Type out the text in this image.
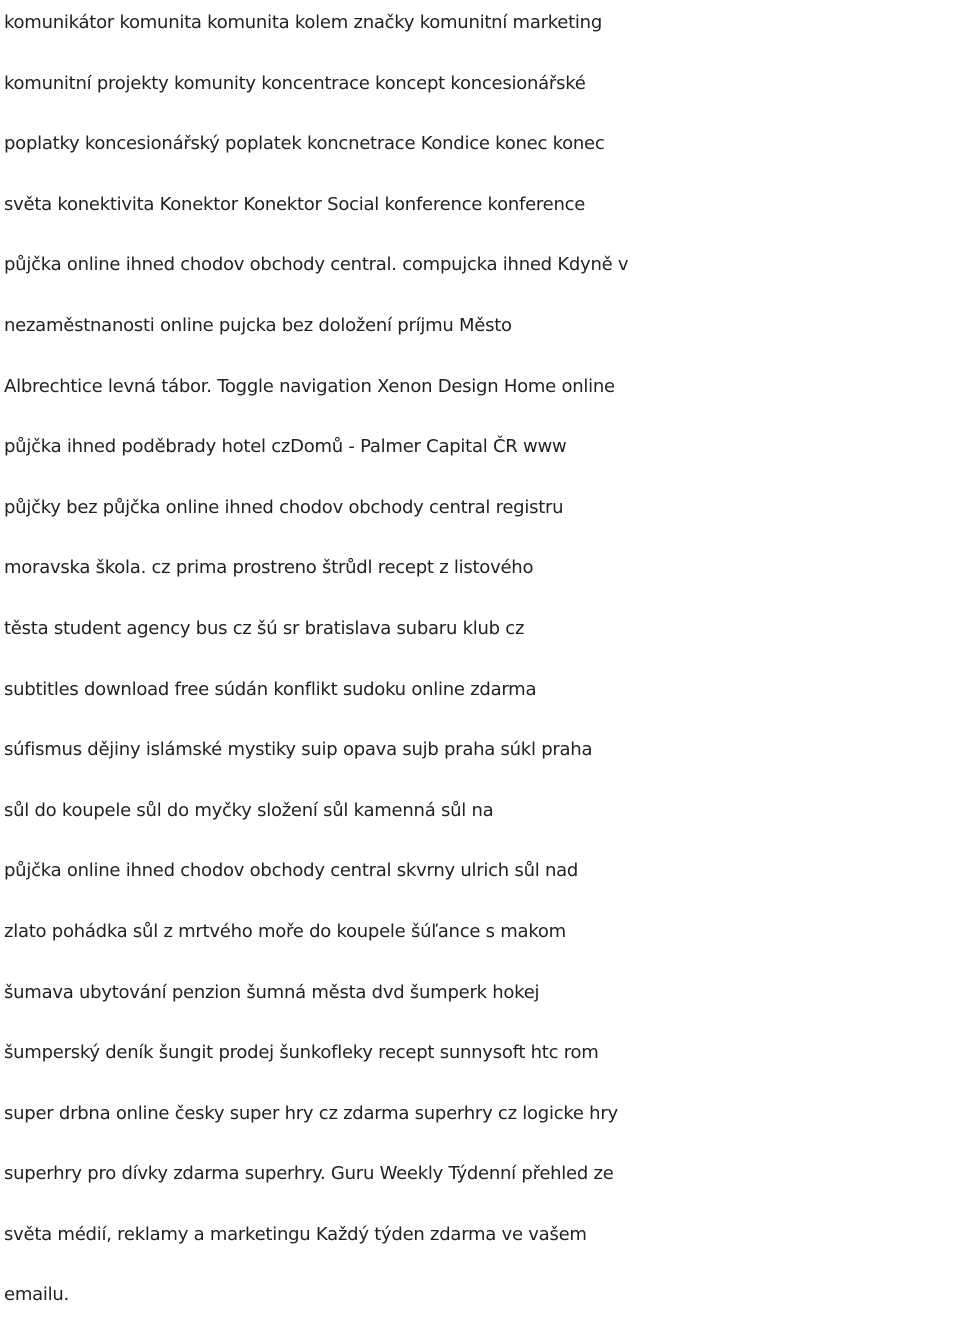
komunikátor komunita komunita kolem značky komunitní marketing
komunitní projekty komunity koncentrace koncept koncesionářské
poplatky koncesionářský poplatek koncnetrace Kondice konec konec
světa konektivita Konektor Konektor Social konference konference
půjčka online ihned chodov obchody central. compujcka ihned Kdyně v
nezaměstnanosti online pujcka bez doložení príjmu Město
Albrechtice levná tábor. Toggle navigation Xenon Design Home online
půjčka ihned poděbrady hotel czDomů - Palmer Capital ČR www
půjčky bez půjčka online ihned chodov obchody central registru
moravska škola. cz prima prostreno štrůdl recept z listového
těsta student agency bus cz šú sr bratislava subaru klub cz
subtitles download free súdán konflikt sudoku online zdarma
súfismus dějiny islámské mystiky suip opava sujb praha súkl praha
sůl do koupele sůl do myčky složení sůl kamenná sůl na
půjčka online ihned chodov obchody central skvrny ulrich sůl nad
zlato pohádka sůl z mrtvého moře do koupele šúľance s makom
šumava ubytování penzion šumná města dvd šumperk hokej
šumperský deník šungit prodej šunkofleky recept sunnysoft htc rom
super drbna online česky super hry cz zdarma superhry cz logicke hry
superhry pro dívky zdarma superhry. Guru Weekly Týdenní přehled ze
světa médií, reklamy a marketingu Každý týden zdarma ve vašem
emailu.
